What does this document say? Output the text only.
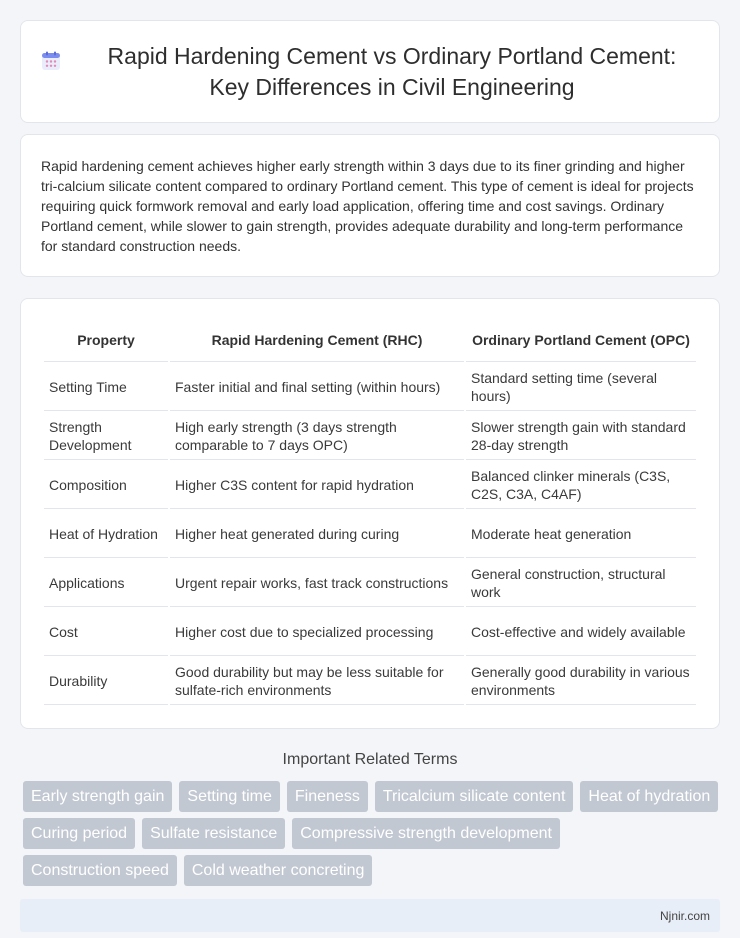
Rapid Hardening Cement vs Ordinary Portland Cement: Key Differences in Civil Engineering

Rapid hardening cement achieves higher early strength within 3 days due to its finer grinding and higher tri-calcium silicate content compared to ordinary Portland cement. This type of cement is ideal for projects requiring quick formwork removal and early load application, offering time and cost savings. Ordinary Portland cement, while slower to gain strength, provides adequate durability and long-term performance for standard construction needs.

Property	Rapid Hardening Cement (RHC)	Ordinary Portland Cement (OPC)
Setting Time	Faster initial and final setting (within hours)	Standard setting time (several hours)
Strength Development	High early strength (3 days strength comparable to 7 days OPC)	Slower strength gain with standard 28-day strength
Composition	Higher C3S content for rapid hydration	Balanced clinker minerals (C3S, C2S, C3A, C4AF)
Heat of Hydration	Higher heat generated during curing	Moderate heat generation
Applications	Urgent repair works, fast track constructions	General construction, structural work
Cost	Higher cost due to specialized processing	Cost-effective and widely available
Durability	Good durability but may be less suitable for sulfate-rich environments	Generally good durability in various environments
Important Related Terms
Early strength gain	Setting time	Fineness	Tricalcium silicate content	Heat of hydration
Curing period	Sulfate resistance	Compressive strength development
Construction speed	Cold weather concreting
Njnir.com
